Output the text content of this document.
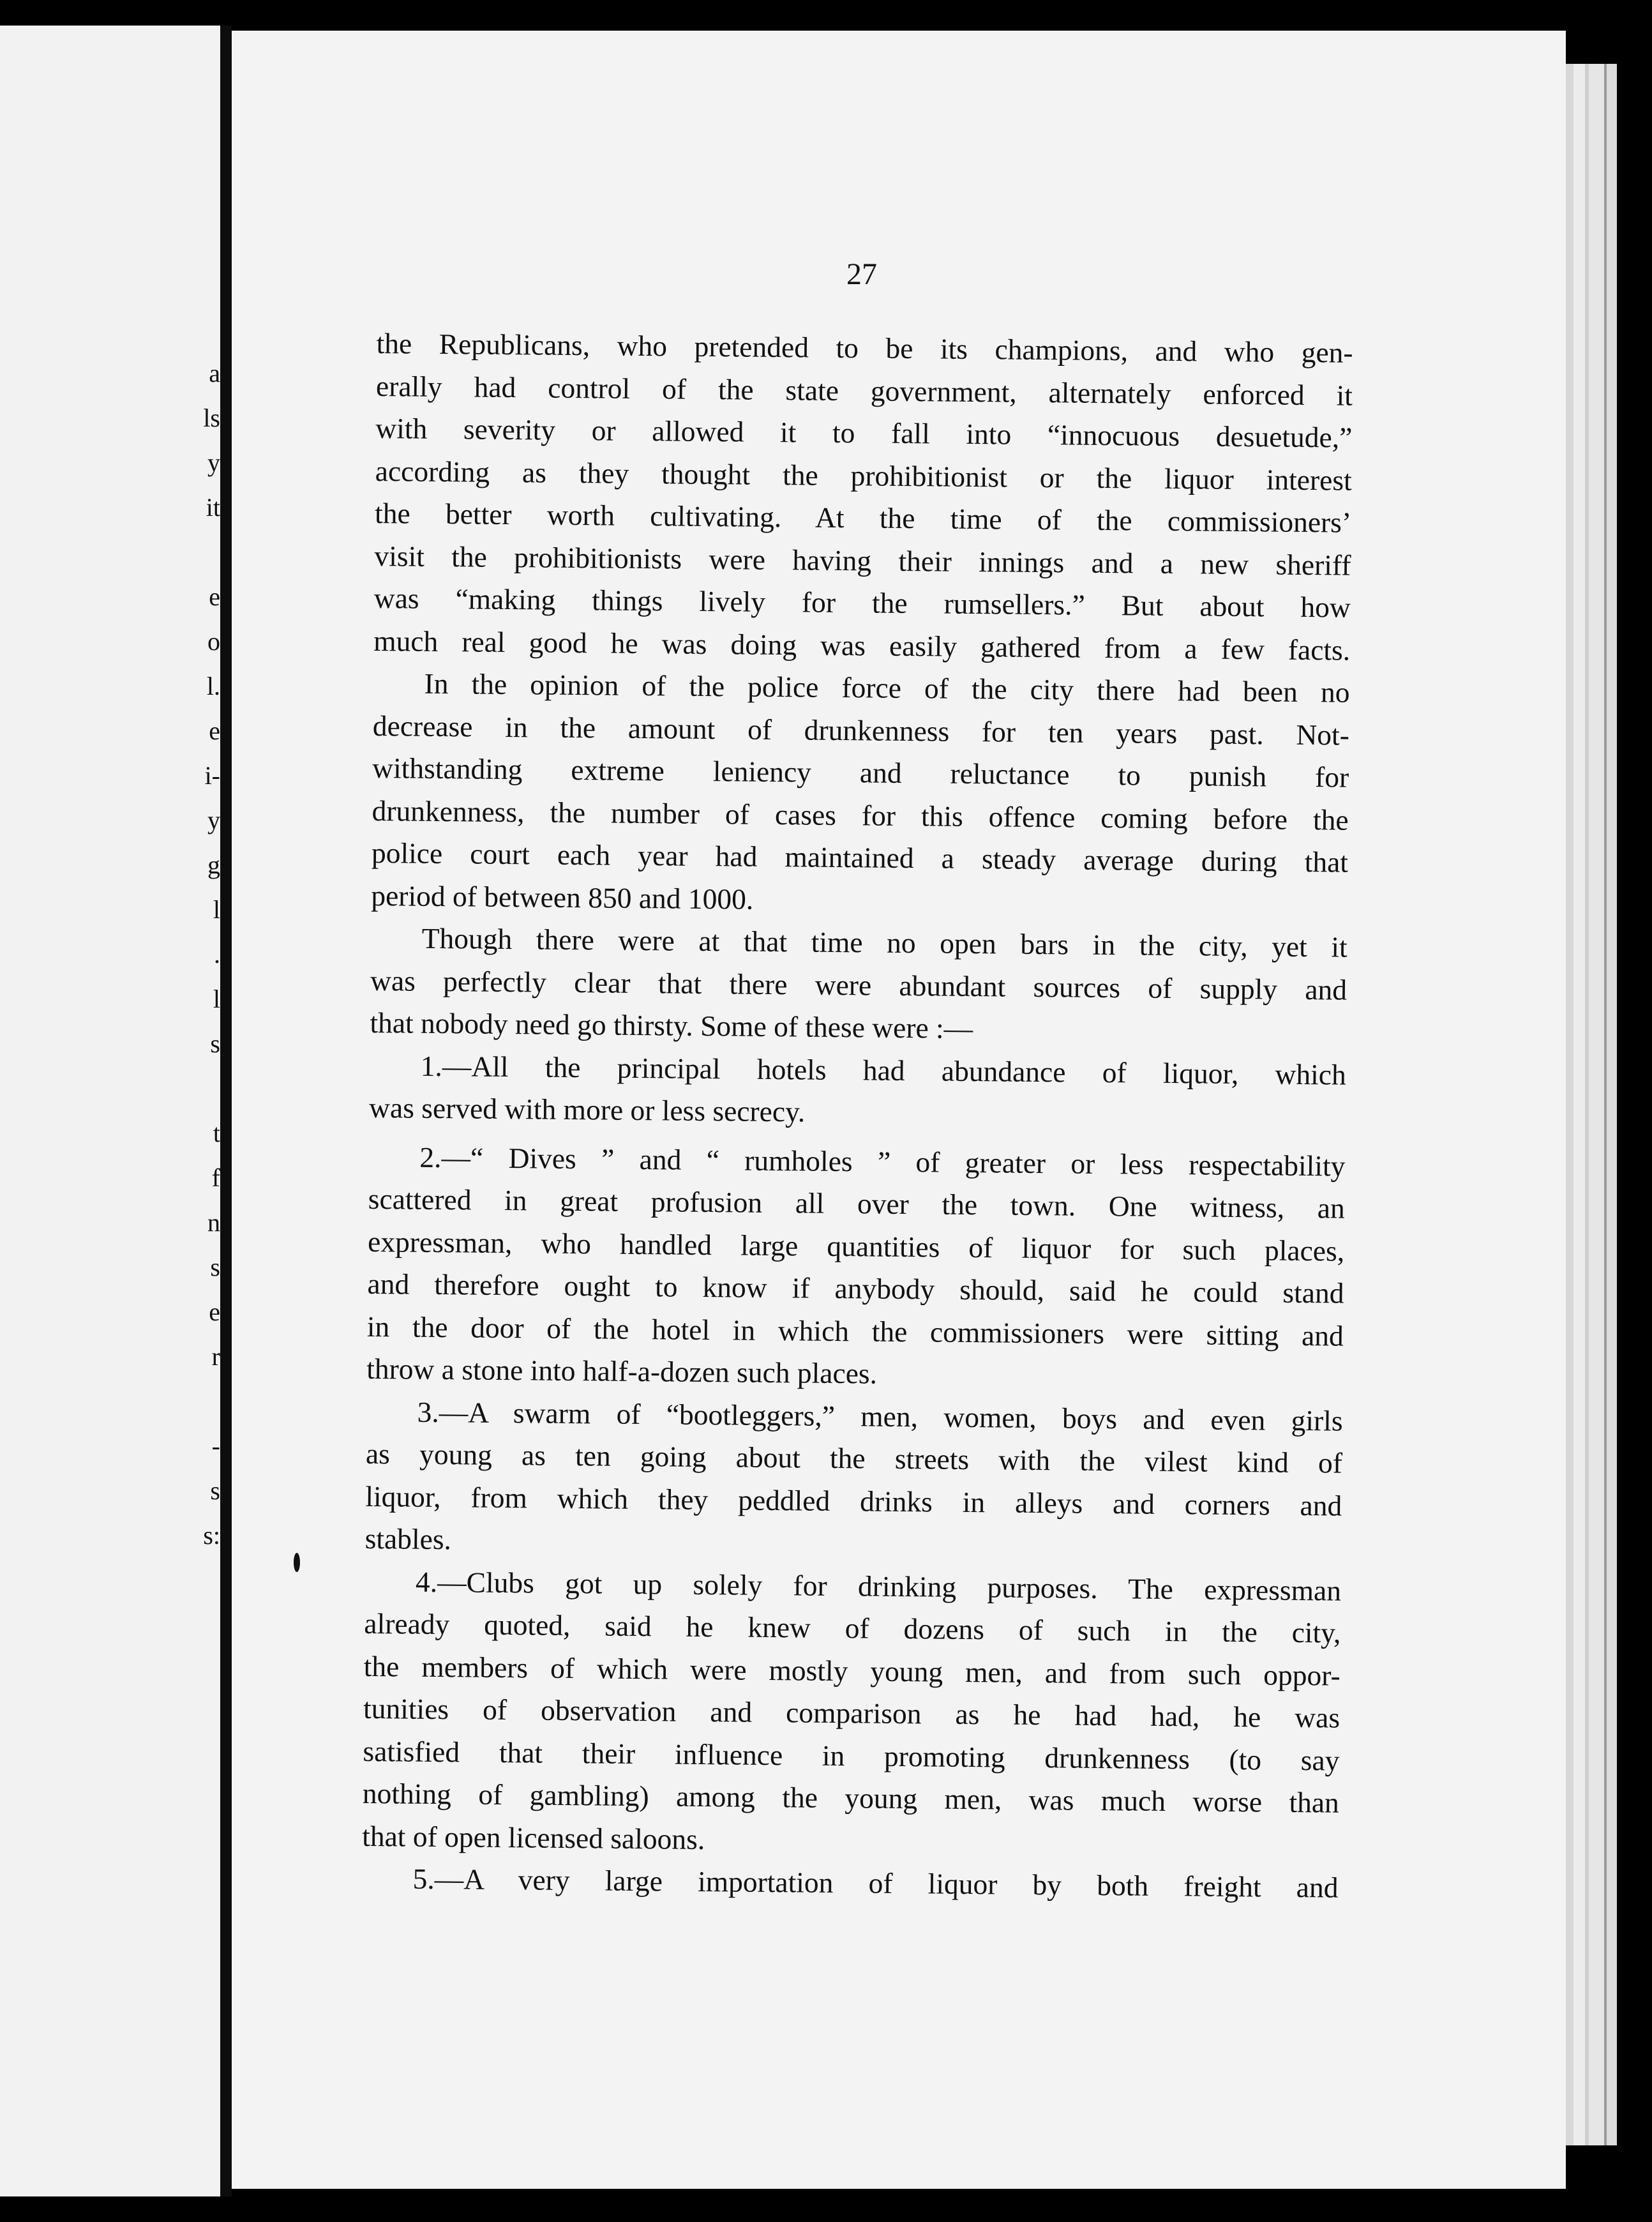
a
ls
y
it
e
o
l.
e
i-
y
g
l
.
l
s
t
f
n
s
e
r
-
s
s:
27

the Republicans, who pretended to be its champions, and who gen-

erally had control of the state government, alternately enforced it

with severity or allowed it to fall into “innocuous desuetude,”

according as they thought the prohibitionist or the liquor interest

the better worth cultivating. At the time of the commissioners’

visit the prohibitionists were having their innings and a new sheriff

was “making things lively for the rumsellers.” But about how

much real good he was doing was easily gathered from a few facts.

In the opinion of the police force of the city there had been no

decrease in the amount of drunkenness for ten years past. Not-

withstanding extreme leniency and reluctance to punish for

drunkenness, the number of cases for this offence coming before the

police court each year had maintained a steady average during that

period of between 850 and 1000.

Though there were at that time no open bars in the city, yet it

was perfectly clear that there were abundant sources of supply and

that nobody need go thirsty. Some of these were :—

1.—All the principal hotels had abundance of liquor, which

was served with more or less secrecy.

2.—“ Dives ” and “ rumholes ” of greater or less respectability

scattered in great profusion all over the town. One witness, an

expressman, who handled large quantities of liquor for such places,

and therefore ought to know if anybody should, said he could stand

in the door of the hotel in which the commissioners were sitting and

throw a stone into half-a-dozen such places.

3.—A swarm of “bootleggers,” men, women, boys and even girls

as young as ten going about the streets with the vilest kind of

liquor, from which they peddled drinks in alleys and corners and

stables.

4.—Clubs got up solely for drinking purposes. The expressman

already quoted, said he knew of dozens of such in the city,

the members of which were mostly young men, and from such oppor-

tunities of observation and comparison as he had had, he was

satisfied that their influence in promoting drunkenness (to say

nothing of gambling) among the young men, was much worse than

that of open licensed saloons.

5.—A very large importation of liquor by both freight and
